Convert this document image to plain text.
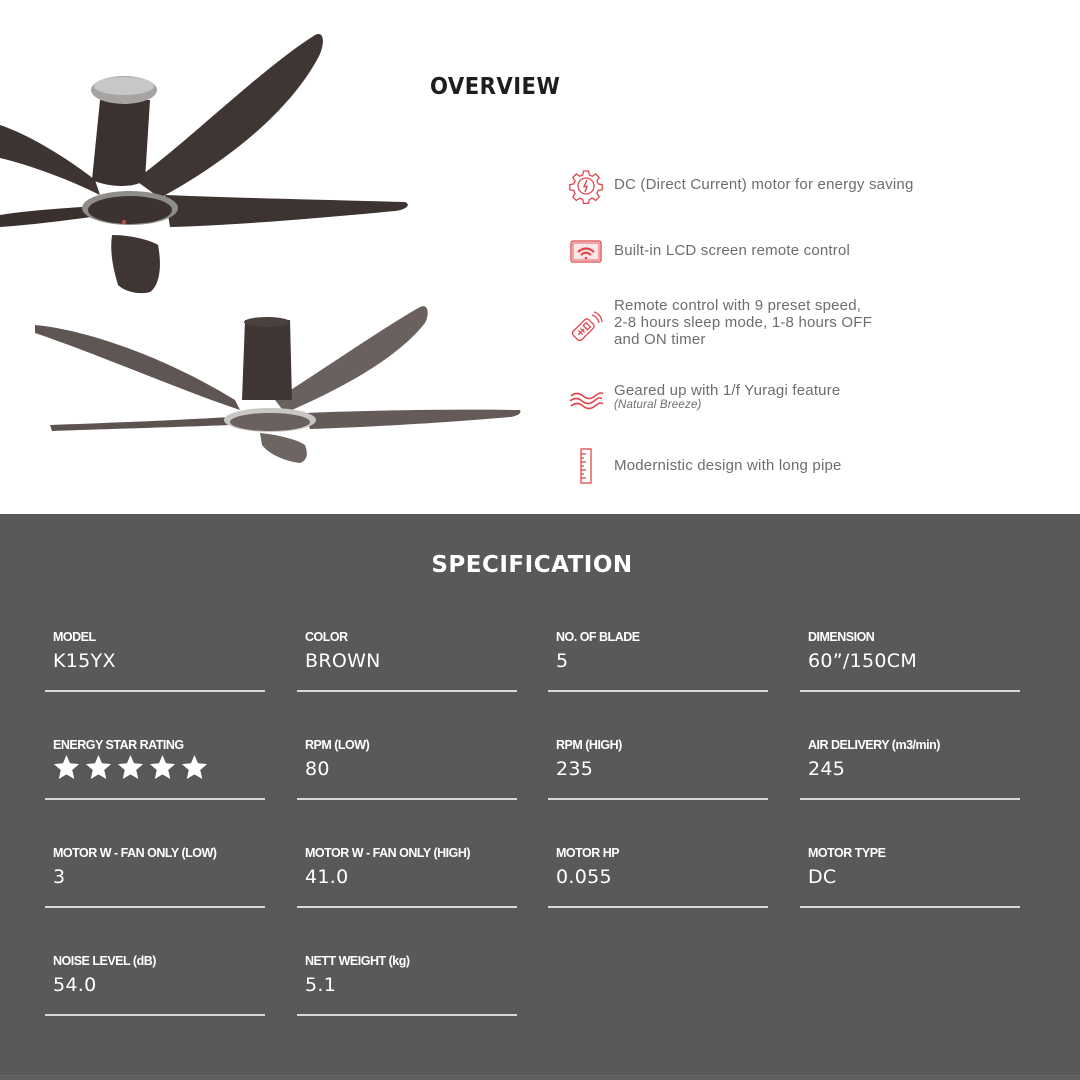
OVERVIEW
DC (Direct Current) motor for energy saving
Built-in LCD screen remote control
Remote control with 9 preset speed,
2-8 hours sleep mode, 1-8 hours OFF
and ON timer
Geared up with 1/f Yuragi feature
(Natural Breeze)
Modernistic design with long pipe
SPECIFICATION
MODEL
K15YX
COLOR
BROWN
NO. OF BLADE
5
DIMENSION
60”/150CM
ENERGY STAR RATING	RPM (LOW)
80
RPM (HIGH)
235
AIR DELIVERY (m3/min)
245
MOTOR W - FAN ONLY (LOW)
3
MOTOR W - FAN ONLY (HIGH)
41.0
MOTOR HP
0.055
MOTOR TYPE
DC
NOISE LEVEL (dB)
54.0
NETT WEIGHT (kg)
5.1
